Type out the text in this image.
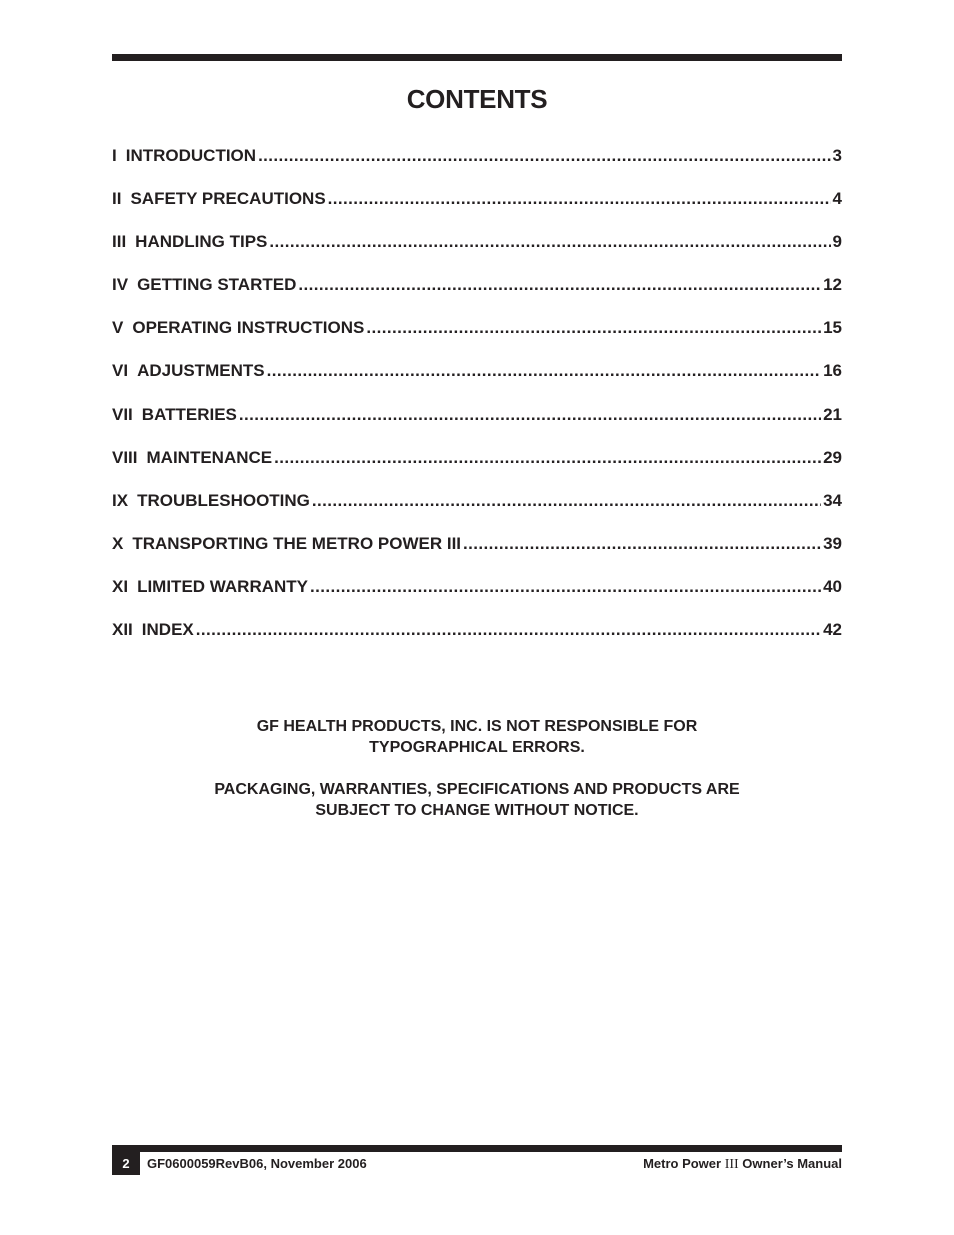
CONTENTS
I INTRODUCTION .....	3
II SAFETY PRECAUTIONS .....	4
III HANDLING TIPS .....	9
IV GETTING STARTED .....	12
V OPERATING INSTRUCTIONS .....	15
VI ADJUSTMENTS .....	16
VII BATTERIES .....	21
VIII MAINTENANCE .....	29
IX TROUBLESHOOTING .....	34
X TRANSPORTING THE METRO POWER III .....	39
XI LIMITED WARRANTY .....	40
XII INDEX .....	42

GF HEALTH PRODUCTS, INC. IS NOT RESPONSIBLE FOR
TYPOGRAPHICAL ERRORS.

PACKAGING, WARRANTIES, SPECIFICATIONS AND PRODUCTS ARE
SUBJECT TO CHANGE WITHOUT NOTICE.

2	GF0600059RevB06, November 2006	Metro Power III Owner’s Manual
